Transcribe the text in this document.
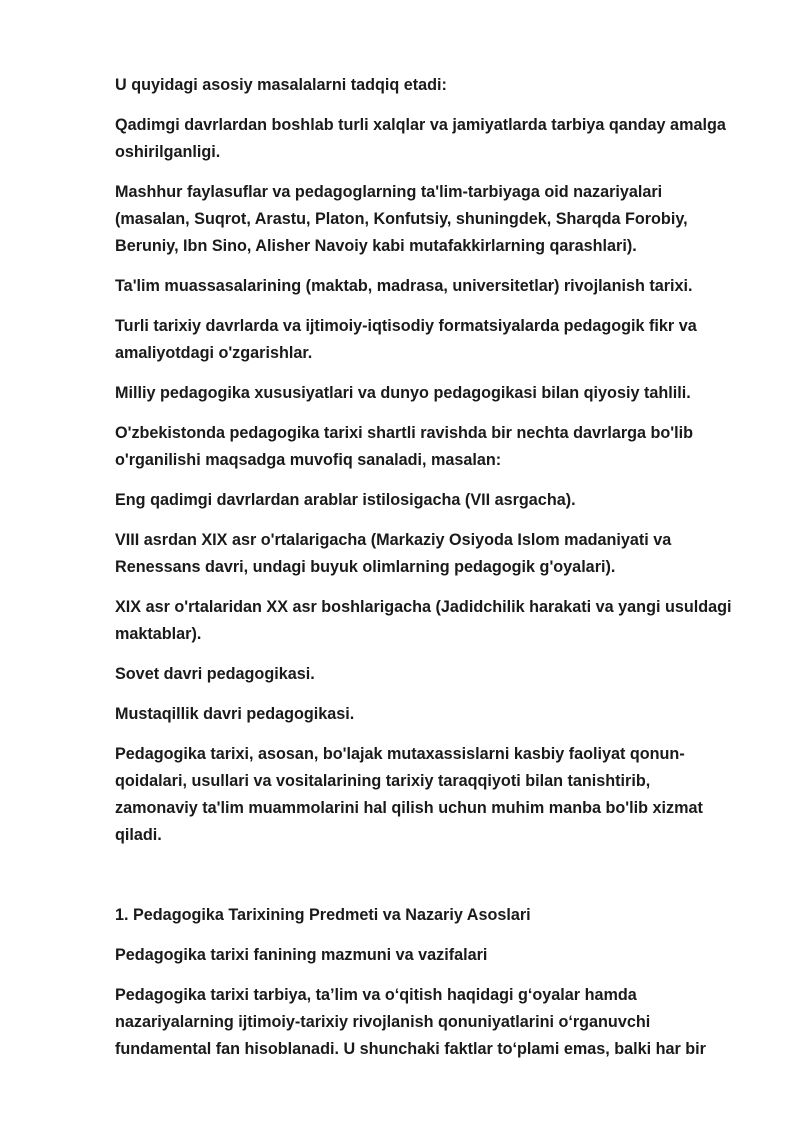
U quyidagi asosiy masalalarni tadqiq etadi:

Qadimgi davrlardan boshlab turli xalqlar va jamiyatlarda tarbiya qanday amalga oshirilganligi.

Mashhur faylasuflar va pedagoglarning ta'lim-tarbiyaga oid nazariyalari (masalan, Suqrot, Arastu, Platon, Konfutsiy, shuningdek, Sharqda Forobiy, Beruniy, Ibn Sino, Alisher Navoiy kabi mutafakkirlarning qarashlari).

Ta'lim muassasalarining (maktab, madrasa, universitetlar) rivojlanish tarixi.

Turli tarixiy davrlarda va ijtimoiy-iqtisodiy formatsiyalarda pedagogik fikr va amaliyotdagi o'zgarishlar.

Milliy pedagogika xususiyatlari va dunyo pedagogikasi bilan qiyosiy tahlili.

O'zbekistonda pedagogika tarixi shartli ravishda bir nechta davrlarga bo'lib o'rganilishi maqsadga muvofiq sanaladi, masalan:

Eng qadimgi davrlardan arablar istilosigacha (VII asrgacha).

VIII asrdan XIX asr o'rtalarigacha (Markaziy Osiyoda Islom madaniyati va Renessans davri, undagi buyuk olimlarning pedagogik g'oyalari).

XIX asr o'rtalaridan XX asr boshlarigacha (Jadidchilik harakati va yangi usuldagi maktablar).

Sovet davri pedagogikasi.

Mustaqillik davri pedagogikasi.

Pedagogika tarixi, asosan, bo'lajak mutaxassislarni kasbiy faoliyat qonun-qoidalari, usullari va vositalarining tarixiy taraqqiyoti bilan tanishtirib, zamonaviy ta'lim muammolarini hal qilish uchun muhim manba bo'lib xizmat qiladi.

1. Pedagogika Tarixining Predmeti va Nazariy Asoslari

Pedagogika tarixi fanining mazmuni va vazifalari

Pedagogika tarixi tarbiya, ta’lim va o‘qitish haqidagi g‘oyalar hamda nazariyalarning ijtimoiy-tarixiy rivojlanish qonuniyatlarini o‘rganuvchi fundamental fan hisoblanadi. U shunchaki faktlar to‘plami emas, balki har bir
